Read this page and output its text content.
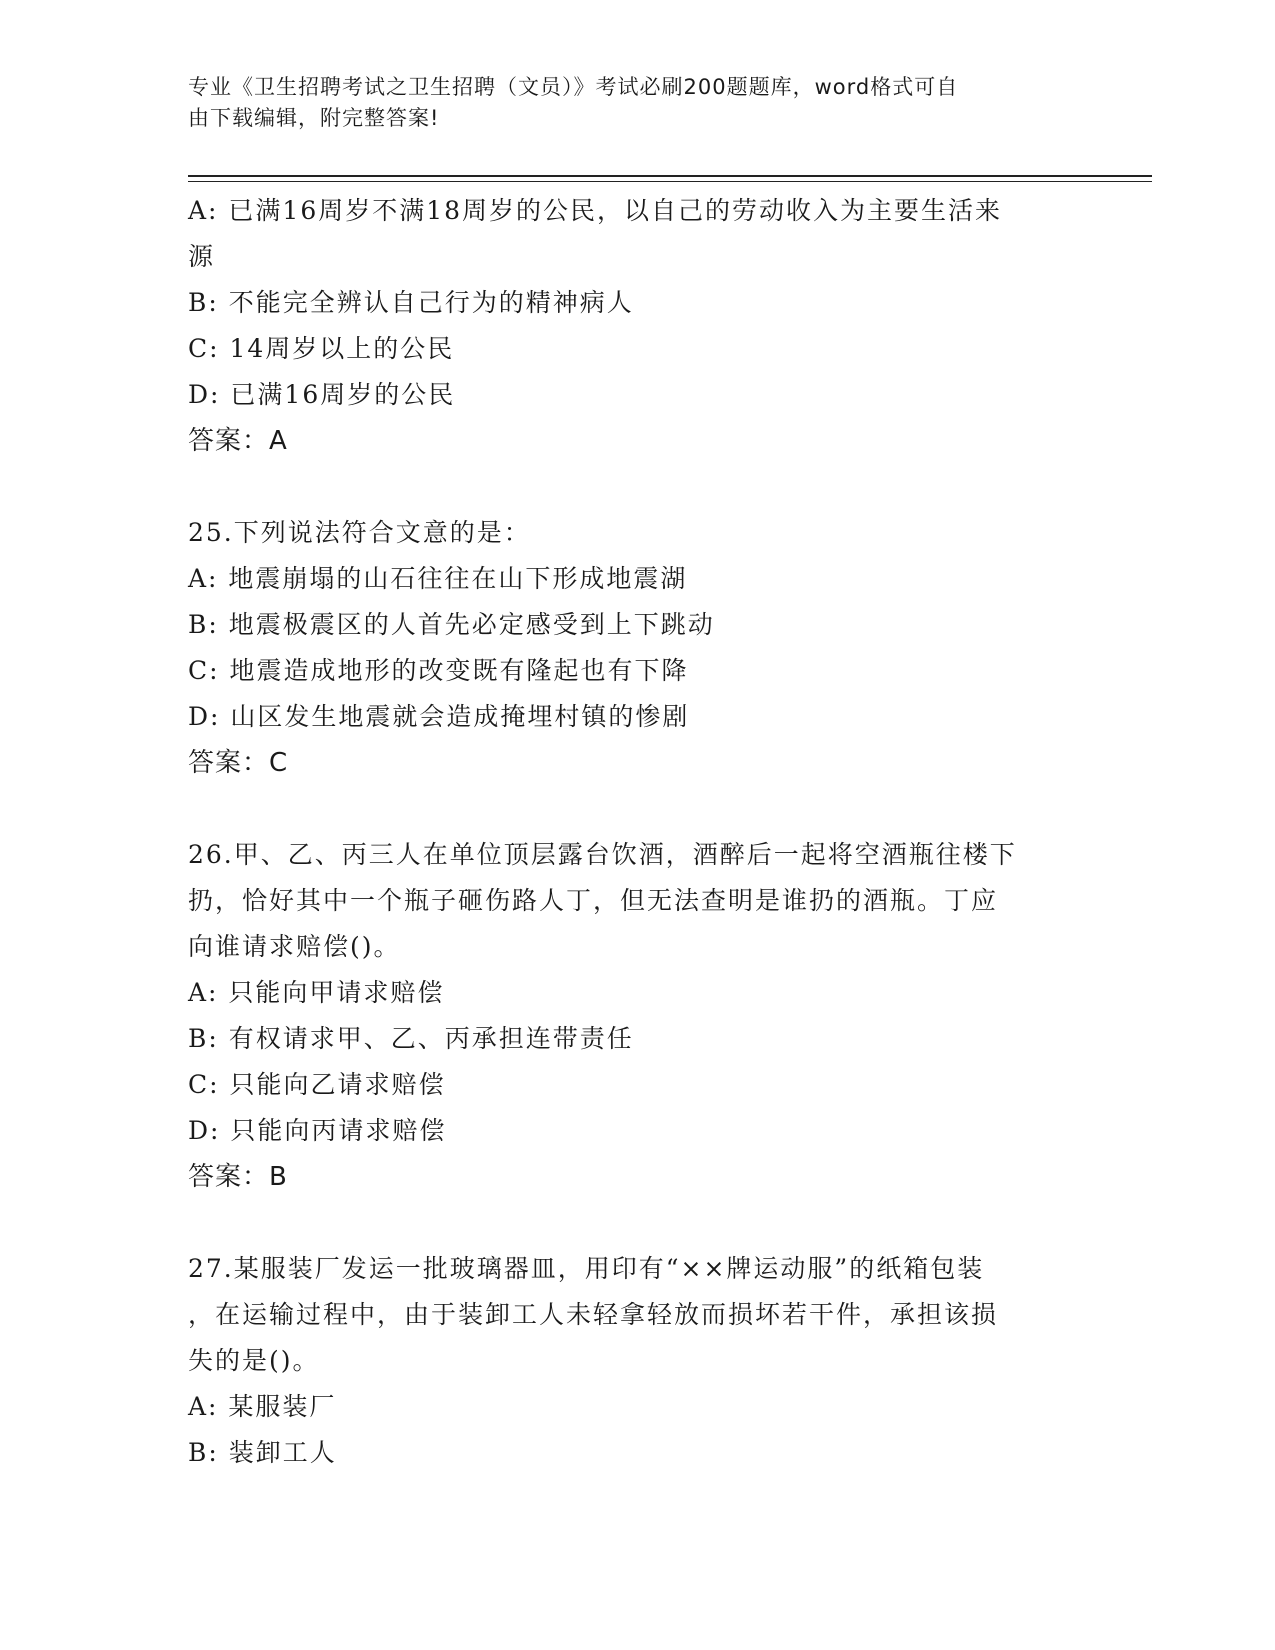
专业《卫生招聘考试之卫生招聘（文员）》考试必刷200题题库，word格式可自
由下载编辑，附完整答案!
A: 已满16周岁不满18周岁的公民，以自己的劳动收入为主要生活来
源
B: 不能完全辨认自己行为的精神病人
C: 14周岁以上的公民
D: 已满16周岁的公民
答案：A
25.下列说法符合文意的是：
A: 地震崩塌的山石往往在山下形成地震湖
B: 地震极震区的人首先必定感受到上下跳动
C: 地震造成地形的改变既有隆起也有下降
D: 山区发生地震就会造成掩埋村镇的惨剧
答案：C
26.甲、乙、丙三人在单位顶层露台饮酒，酒醉后一起将空酒瓶往楼下
扔，恰好其中一个瓶子砸伤路人丁，但无法查明是谁扔的酒瓶。丁应
向谁请求赔偿()。
A: 只能向甲请求赔偿
B: 有权请求甲、乙、丙承担连带责任
C: 只能向乙请求赔偿
D: 只能向丙请求赔偿
答案：B
27.某服装厂发运一批玻璃器皿，用印有“××牌运动服”的纸箱包装
，在运输过程中，由于装卸工人未轻拿轻放而损坏若干件，承担该损
失的是()。
A: 某服装厂
B: 装卸工人
